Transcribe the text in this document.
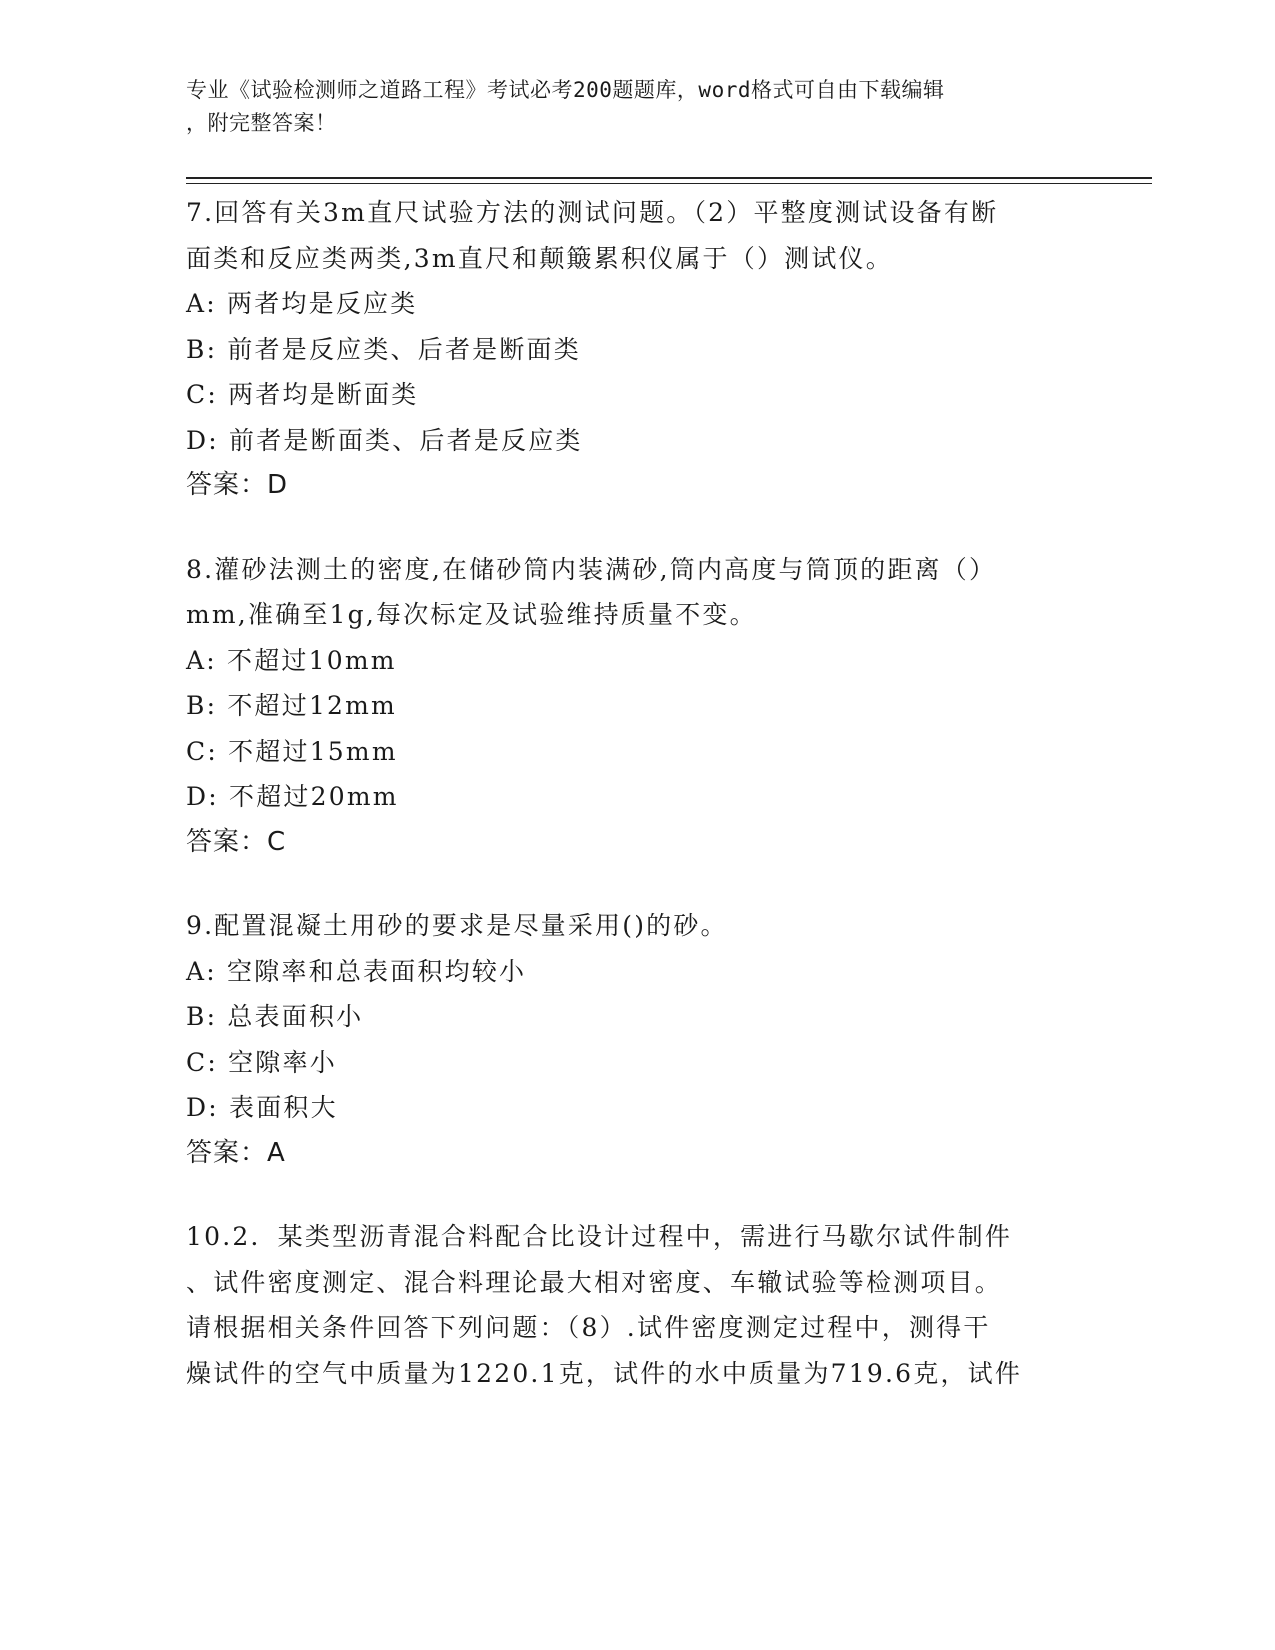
专业《试验检测师之道路工程》考试必考200题题库，word格式可自由下载编辑
，附完整答案！
7.回答有关3m直尺试验方法的测试问题。（2）平整度测试设备有断
面类和反应类两类,3m直尺和颠簸累积仪属于（）测试仪。
A: 两者均是反应类
B: 前者是反应类、后者是断面类
C: 两者均是断面类
D: 前者是断面类、后者是反应类
答案：D
8.灌砂法测土的密度,在储砂筒内装满砂,筒内高度与筒顶的距离（）
mm,准确至1g,每次标定及试验维持质量不变。
A: 不超过10mm
B: 不超过12mm
C: 不超过15mm
D: 不超过20mm
答案：C
9.配置混凝土用砂的要求是尽量采用()的砂。
A: 空隙率和总表面积均较小
B: 总表面积小
C: 空隙率小
D: 表面积大
答案：A
10.2．某类型沥青混合料配合比设计过程中，需进行马歇尔试件制件
、试件密度测定、混合料理论最大相对密度、车辙试验等检测项目。
请根据相关条件回答下列问题：（8）.试件密度测定过程中，测得干
燥试件的空气中质量为1220.1克，试件的水中质量为719.6克，试件
